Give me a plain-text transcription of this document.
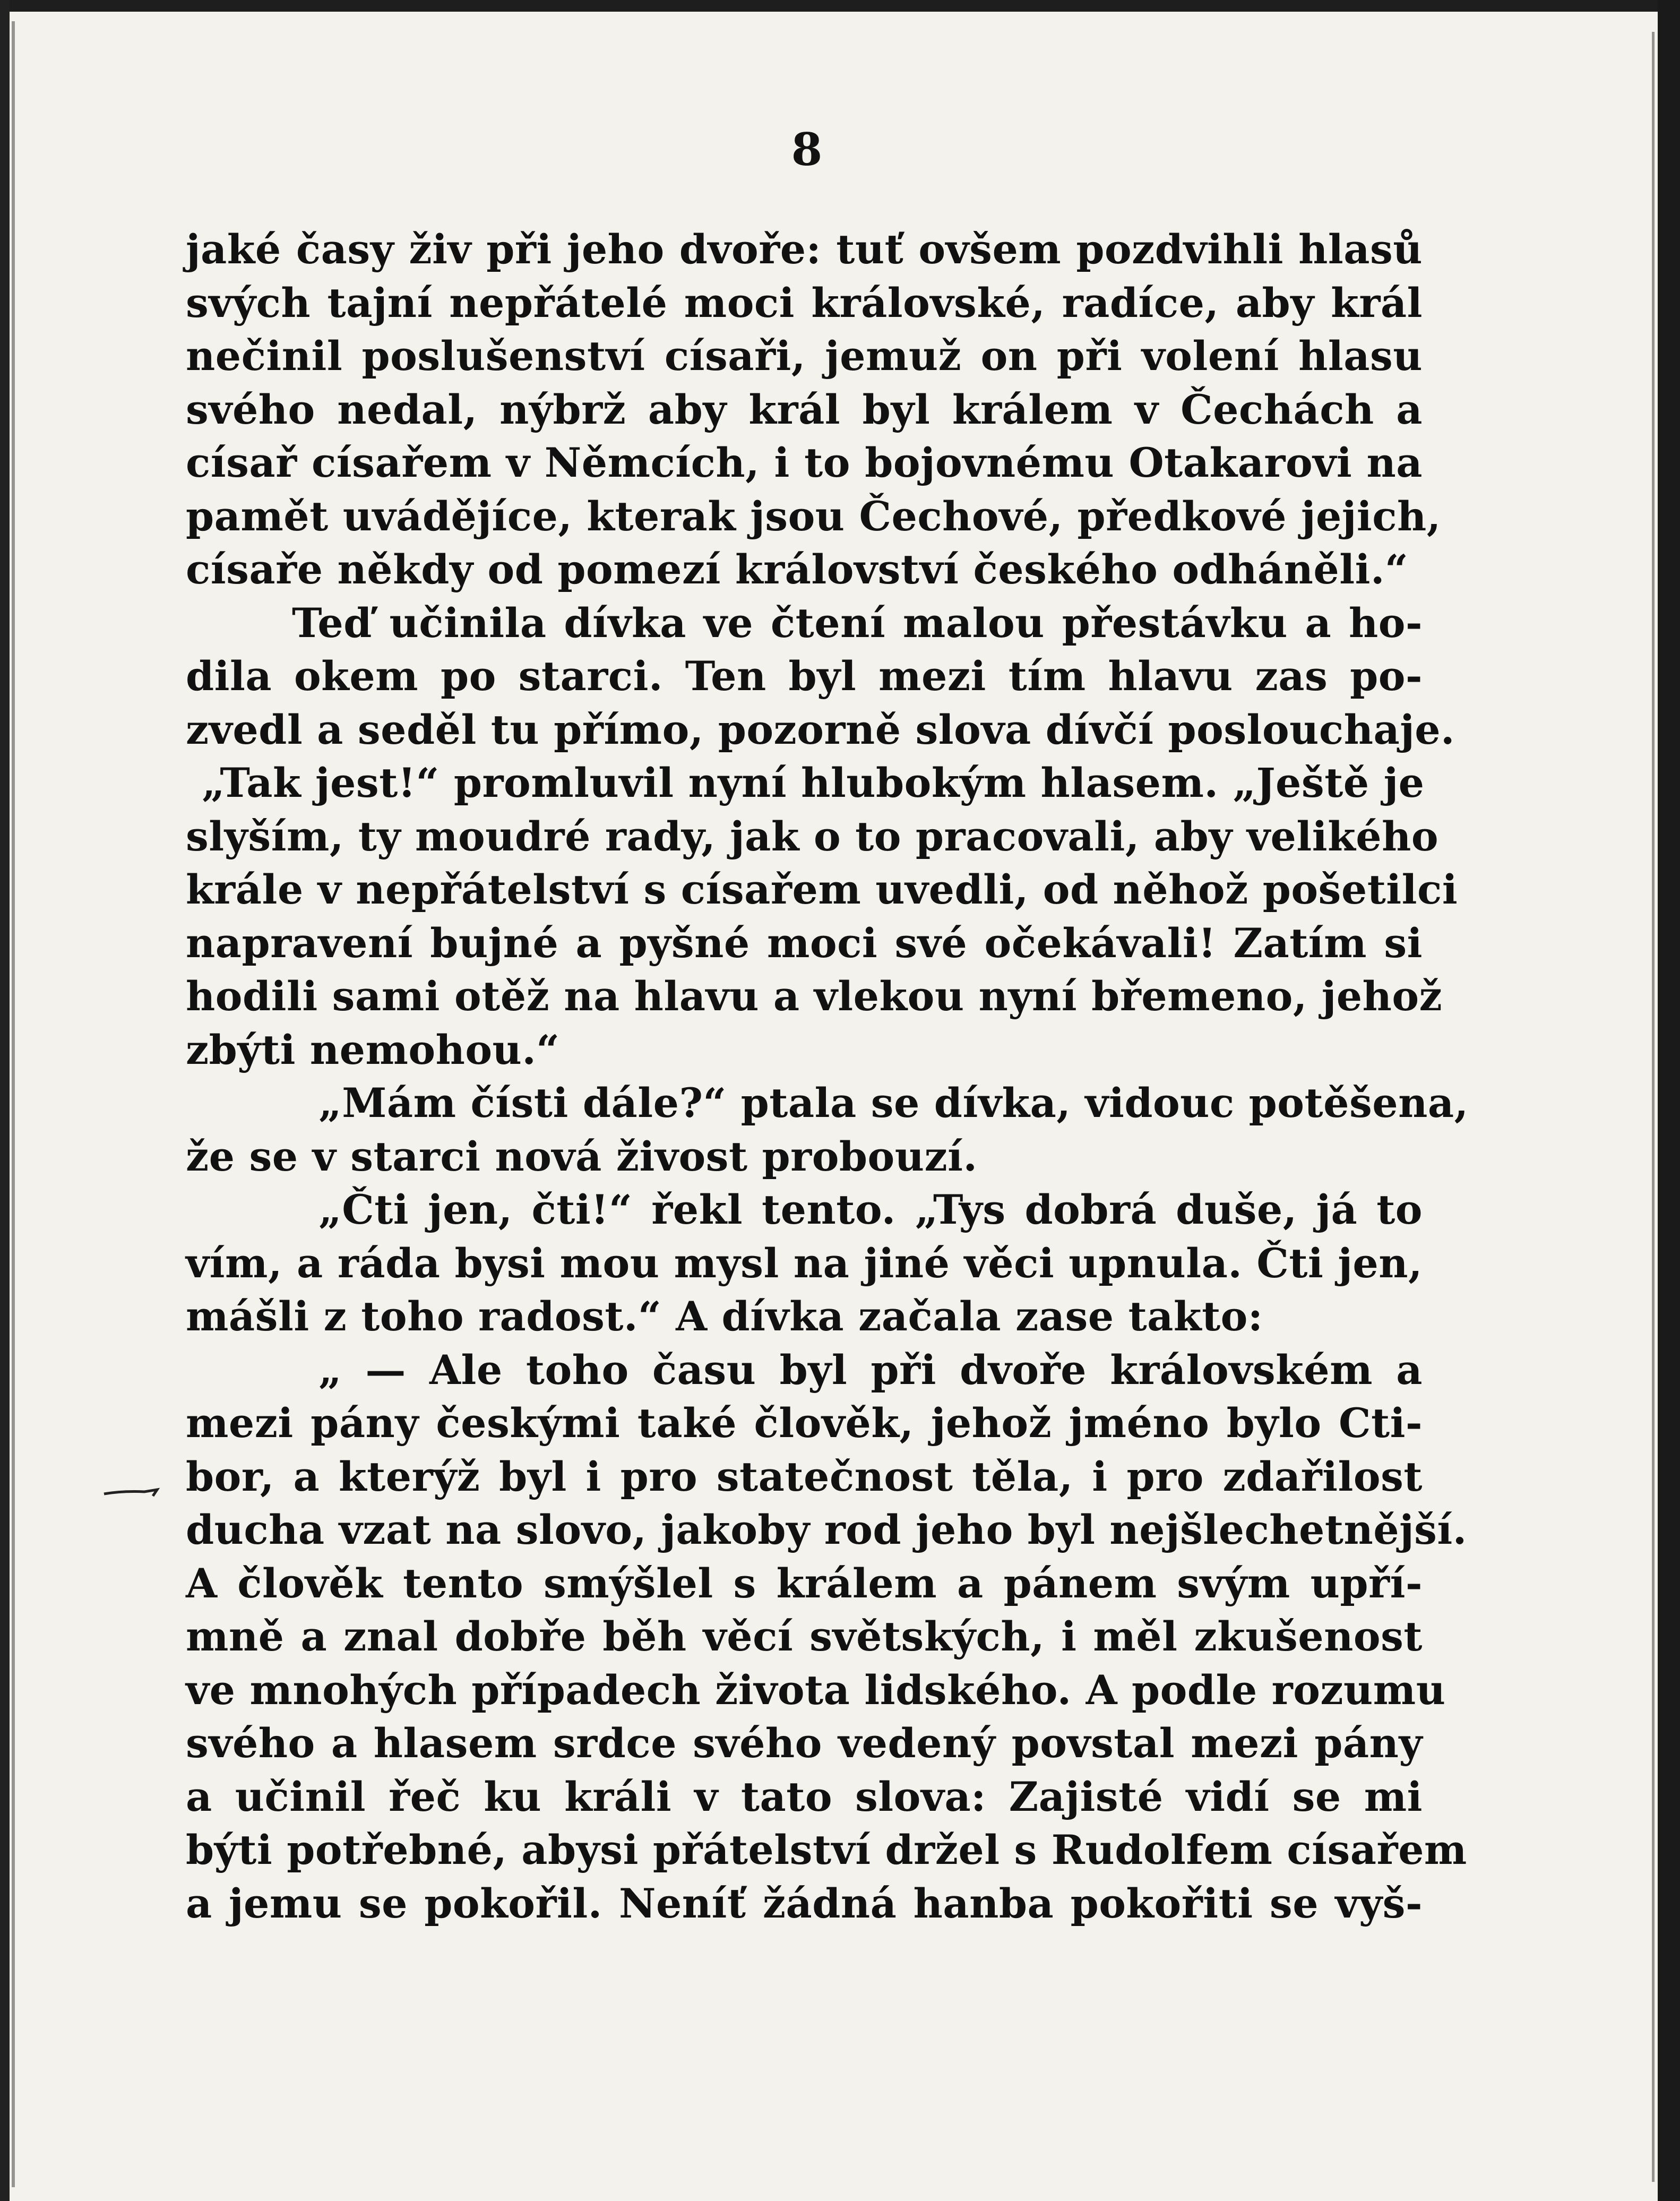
8
jaké časy živ při jeho dvoře: tuť ovšem pozdvihli hlasů
svých tajní nepřátelé moci královské, radíce, aby král
nečinil poslušenství císaři, jemuž on při volení hlasu
svého nedal, nýbrž aby král byl králem v Čechách a
císař císařem v Němcích, i to bojovnému Otakarovi na
pamět uvádějíce, kterak jsou Čechové, předkové jejich,
císaře někdy od pomezí království českého odháněli.“
Teď učinila dívka ve čtení malou přestávku a ho-
dila okem po starci. Ten byl mezi tím hlavu zas po-
zvedl a seděl tu přímo, pozorně slova dívčí poslouchaje.
„Tak jest!“ promluvil nyní hlubokým hlasem. „Ještě je
slyším, ty moudré rady, jak o to pracovali, aby velikého
krále v nepřátelství s císařem uvedli, od něhož pošetilci
napravení bujné a pyšné moci své očekávali! Zatím si
hodili sami otěž na hlavu a vlekou nyní břemeno, jehož
zbýti nemohou.“
„Mám čísti dále?“ ptala se dívka, vidouc potěšena,
že se v starci nová živost probouzí.
„Čti jen, čti!“ řekl tento. „Tys dobrá duše, já to
vím, a ráda bysi mou mysl na jiné věci upnula. Čti jen,
mášli z toho radost.“ A dívka začala zase takto:
„ — Ale toho času byl při dvoře královském a
mezi pány českými také člověk, jehož jméno bylo Cti-
bor, a kterýž byl i pro statečnost těla, i pro zdařilost
ducha vzat na slovo, jakoby rod jeho byl nejšlechetnější.
A člověk tento smýšlel s králem a pánem svým upří-
mně a znal dobře běh věcí světských, i měl zkušenost
ve mnohých případech života lidského. A podle rozumu
svého a hlasem srdce svého vedený povstal mezi pány
a učinil řeč ku králi v tato slova: Zajisté vidí se mi
býti potřebné, abysi přátelství držel s Rudolfem císařem
a jemu se pokořil. Neníť žádná hanba pokořiti se vyš-
